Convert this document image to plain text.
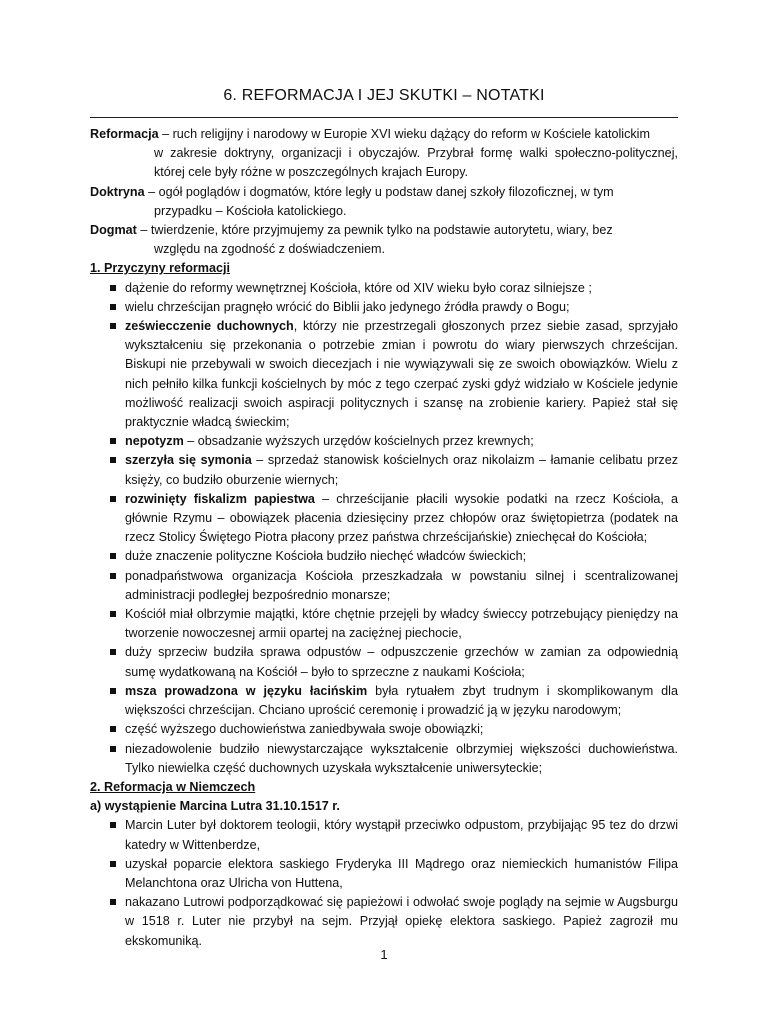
6. REFORMACJA I JEJ SKUTKI – NOTATKI
Reformacja – ruch religijny i narodowy w Europie XVI wieku dążący do reform w Kościele katolickim
w zakresie doktryny, organizacji i obyczajów. Przybrał formę walki społeczno-politycznej, której cele były różne w poszczególnych krajach Europy.
Doktryna – ogół poglądów i dogmatów, które legły u podstaw danej szkoły filozoficznej, w tym
przypadku – Kościoła katolickiego.
Dogmat – twierdzenie, które przyjmujemy za pewnik tylko na podstawie autorytetu, wiary, bez
względu na zgodność z doświadczeniem.
1. Przyczyny reformacji
dążenie do reformy wewnętrznej Kościoła, które od XIV wieku było coraz silniejsze ;
wielu chrześcijan pragnęło wrócić do Biblii jako jedynego źródła prawdy o Bogu;
zeświecczenie duchownych, którzy nie przestrzegali głoszonych przez siebie zasad, sprzyjało wykształceniu się przekonania o potrzebie zmian i powrotu do wiary pierwszych chrześcijan. Biskupi nie przebywali w swoich diecezjach i nie wywiązywali się ze swoich obowiązków. Wielu z nich pełniło kilka funkcji kościelnych by móc z tego czerpać zyski gdyż widziało w Kościele jedynie możliwość realizacji swoich aspiracji politycznych i szansę na zrobienie kariery. Papież stał się praktycznie władcą świeckim;
nepotyzm – obsadzanie wyższych urzędów kościelnych przez krewnych;
szerzyła się symonia – sprzedaż stanowisk kościelnych oraz nikolaizm – łamanie celibatu przez księży, co budziło oburzenie wiernych;
rozwinięty fiskalizm papiestwa – chrześcijanie płacili wysokie podatki na rzecz Kościoła, a głównie Rzymu – obowiązek płacenia dziesięciny przez chłopów oraz świętopietrza (podatek na rzecz Stolicy Świętego Piotra płacony przez państwa chrześcijańskie) zniechęcał do Kościoła;
duże znaczenie polityczne Kościoła budziło niechęć władców świeckich;
ponadpaństwowa organizacja Kościoła przeszkadzała w powstaniu silnej i scentralizowanej administracji podległej bezpośrednio monarsze;
Kościół miał olbrzymie majątki, które chętnie przejęli by władcy świeccy potrzebujący pieniędzy na tworzenie nowoczesnej armii opartej na zaciężnej piechocie,
duży sprzeciw budziła sprawa odpustów – odpuszczenie grzechów w zamian za odpowiednią sumę wydatkowaną na Kościół – było to sprzeczne z naukami Kościoła;
msza prowadzona w języku łacińskim była rytuałem zbyt trudnym i skomplikowanym dla większości chrześcijan. Chciano uprościć ceremonię i prowadzić ją w języku narodowym;
część wyższego duchowieństwa zaniedbywała swoje obowiązki;
niezadowolenie budziło niewystarczające wykształcenie olbrzymiej większości duchowieństwa. Tylko niewielka część duchownych uzyskała wykształcenie uniwersyteckie;
2. Reformacja w Niemczech
a) wystąpienie Marcina Lutra 31.10.1517 r.
Marcin Luter był doktorem teologii, który wystąpił przeciwko odpustom, przybijając 95 tez do drzwi katedry w Wittenberdze,
uzyskał poparcie elektora saskiego Fryderyka III Mądrego oraz niemieckich humanistów Filipa Melanchtona oraz Ulricha von Huttena,
nakazano Lutrowi podporządkować się papieżowi i odwołać swoje poglądy na sejmie w Augsburgu w 1518 r. Luter nie przybył na sejm. Przyjął opiekę elektora saskiego. Papież zagroził mu ekskomuniką.
1
